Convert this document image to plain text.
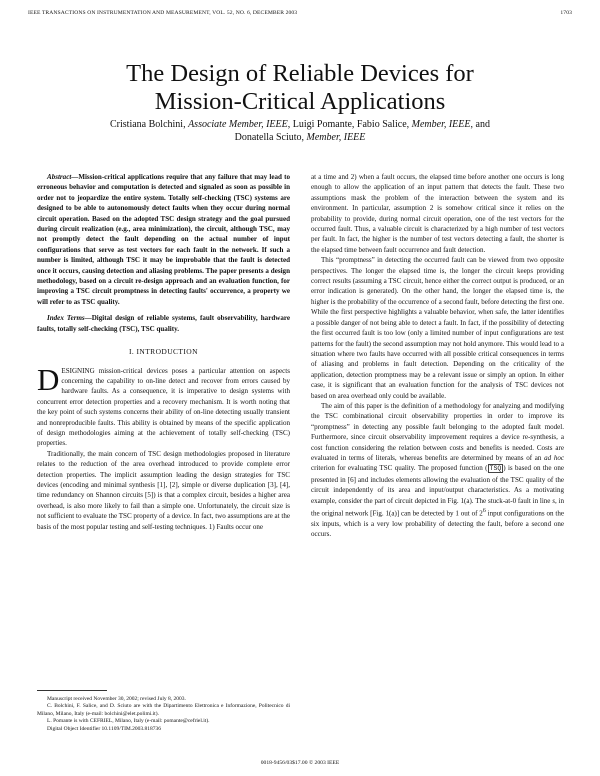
IEEE TRANSACTIONS ON INSTRUMENTATION AND MEASUREMENT, VOL. 52, NO. 6, DECEMBER 2003	1703
The Design of Reliable Devices for
Mission-Critical Applications
Cristiana Bolchini, Associate Member, IEEE, Luigi Pomante, Fabio Salice, Member, IEEE, and
Donatella Sciuto, Member, IEEE

Abstract—Mission-critical applications require that any failure that may lead to erroneous behavior and computation is detected and signaled as soon as possible in order not to jeopardize the entire system. Totally self-checking (TSC) systems are designed to be able to autonomously detect faults when they occur during normal circuit operation. Based on the adopted TSC design strategy and the goal pursued during circuit realization (e.g., area minimization), the circuit, although TSC, may not promptly detect the fault depending on the actual number of input configurations that serve as test vectors for each fault in the network. If such a number is limited, although TSC it may be improbable that the fault is detected once it occurs, causing detection and aliasing problems. The paper presents a design methodology, based on a circuit re-design approach and an evaluation function, for improving a TSC circuit promptness in detecting faults' occurrence, a property we will refer to as TSC quality.

Index Terms—Digital design of reliable systems, fault observability, hardware faults, totally self-checking (TSC), TSC quality.

I. INTRODUCTION

DESIGNING mission-critical devices poses a particular attention on aspects concerning the capability to on-line detect and recover from errors caused by hardware faults. As a consequence, it is imperative to design systems with concurrent error detection properties and a recovery mechanism. It is worth noting that the key point of such systems concerns their ability of on-line detecting usually transient and nonreproducible faults. This ability is obtained by means of the specific application of design methodologies aiming at the achievement of totally self-checking (TSC) properties.

Traditionally, the main concern of TSC design methodologies proposed in literature relates to the reduction of the area overhead introduced to provide complete error detection properties. The implicit assumption leading the design strategies for TSC devices (encoding and minimal synthesis [1], [2], simple or diverse duplication [3], [4], time redundancy on Shannon circuits [5]) is that a complex circuit, besides a higher area overhead, is also more likely to fail than a simple one. Unfortunately, the circuit size is not sufficient to evaluate the TSC property of a device. In fact, two assumptions are at the basis of the most popular testing and self-testing techniques. 1) Faults occur one

at a time and 2) when a fault occurs, the elapsed time before another one occurs is long enough to allow the application of an input pattern that detects the fault. These two assumptions mask the problem of the interaction between the system and its environment. In particular, assumption 2 is somehow critical since it relies on the probability to provide, during normal circuit operation, one of the test vectors for the occurred fault. Thus, a valuable circuit is characterized by a high number of test vectors per fault. In fact, the higher is the number of test vectors detecting a fault, the shorter is the elapsed time between fault occurrence and fault detection.

This “promptness” in detecting the occurred fault can be viewed from two opposite perspectives. The longer the elapsed time is, the longer the circuit keeps providing correct results (assuming a TSC circuit, hence either the correct output is produced, or an error indication is generated). On the other hand, the longer the elapsed time is, the higher is the probability of the occurrence of a second fault, before detecting the first one. While the first perspective highlights a valuable behavior, when safe, the latter identifies a possible danger of not being able to detect a fault. In fact, if the possibility of detecting the first occurred fault is too low (only a limited number of input configurations are test patterns for the fault) the second assumption may not hold anymore. This would lead to a situation where two faults have occurred with all possible critical consequences in terms of aliasing and problems in fault detection. Depending on the criticality of the application, detection promptness may be a relevant issue or simply an option. In either case, it is significant that an evaluation function for the analysis of TSC devices not based on area overhead only could be available.

The aim of this paper is the definition of a methodology for analyzing and modifying the TSC combinational circuit observability properties in order to improve its “promptness” in detecting any possible fault belonging to the adopted fault model. Furthermore, since circuit observability improvement requires a device re-synthesis, a cost function considering the relation between costs and benefits is needed. Costs are evaluated in terms of literals, whereas benefits are determined by means of an ad hoc criterion for evaluating TSC quality. The proposed function ( TSQ ) is based on the one presented in [6] and includes elements allowing the evaluation of the TSC quality of the circuit independently of its area and input/output characteristics. As a motivating example, consider the part of circuit depicted in Fig. 1(a). The stuck-at-0 fault in line s, in the original network [Fig. 1(a)] can be detected by 1 out of $2^6$ input configurations on the six inputs, which is a very low probability of detecting the fault, before a second one occurs.

Manuscript received November 30, 2002; revised July 8, 2003.

C. Bolchini, F. Salice, and D. Sciuto are with the Dipartimento Elettronica e Informazione, Politecnico di Milano, Milano, Italy (e-mail: bolchini@elet.polimi.it).

L. Pomante is with CEFRIEL, Milano, Italy (e-mail: pomante@cefriel.it).

Digital Object Identifier 10.1109/TIM.2003.818736

0018-9456/03$17.00 © 2003 IEEE
